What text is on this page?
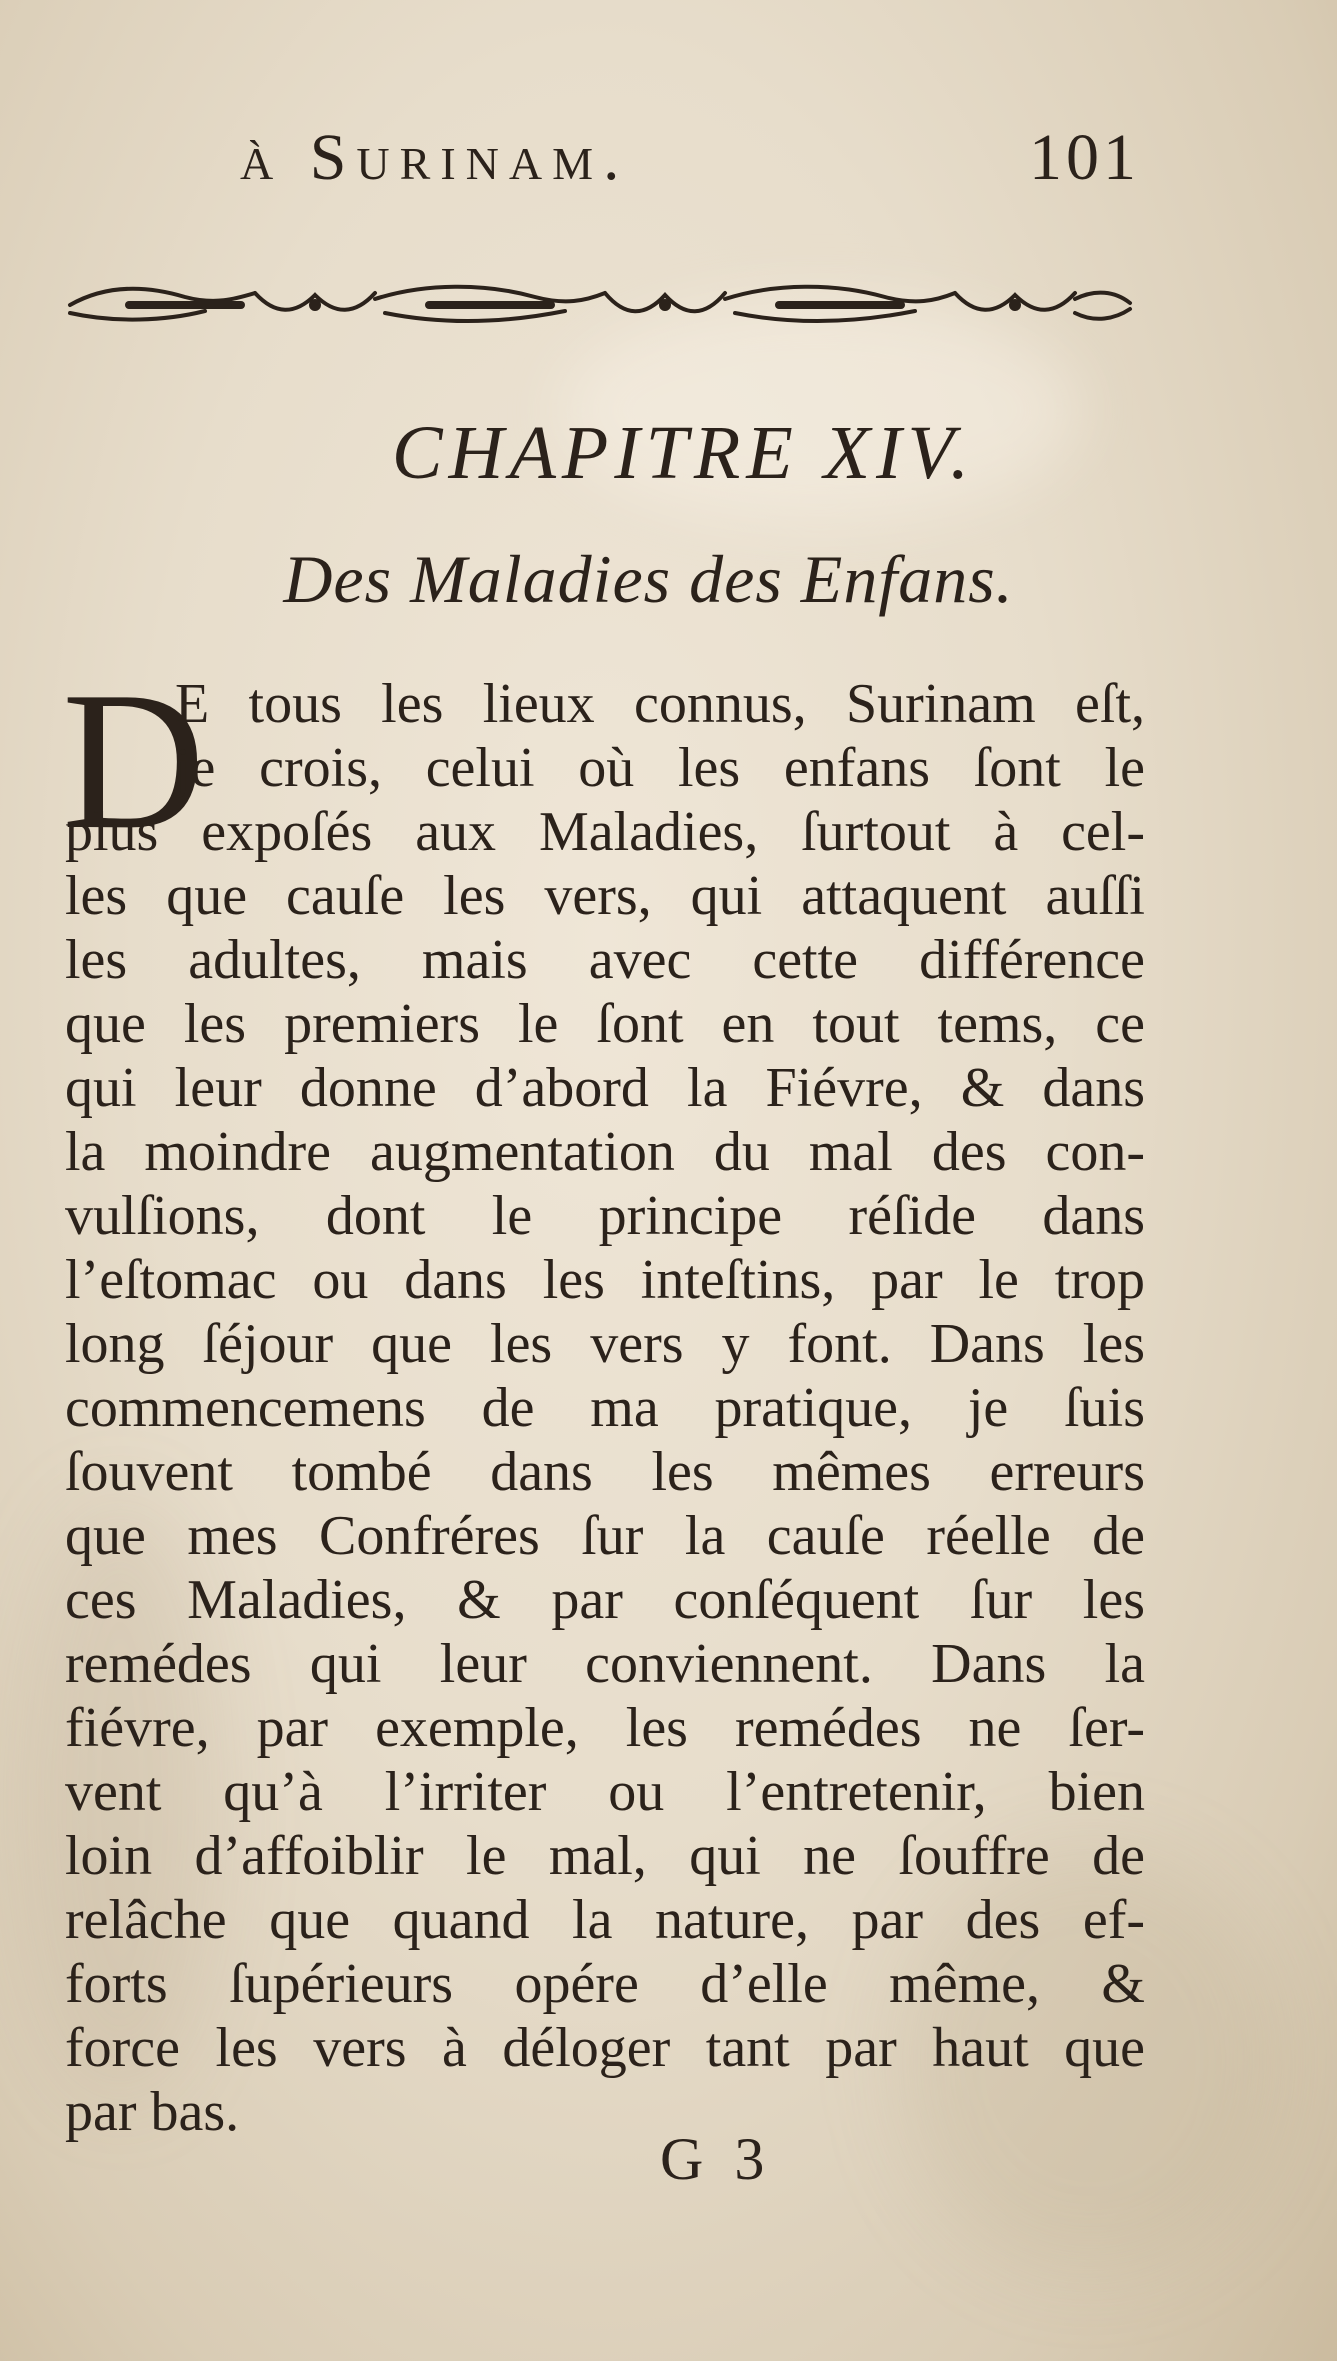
à Surinam.	101
CHAPITRE XIV.
Des Maladies des Enfans.
D
E tous les lieux connus, Surinam eſt,
je crois, celui où les enfans ſont le
plus expoſés aux Maladies, ſurtout à cel-
les que cauſe les vers, qui attaquent auſſi
les adultes, mais avec cette différence
que les premiers le ſont en tout tems, ce
qui leur donne d’abord la Fiévre, & dans
la moindre augmentation du mal des con-
vulſions, dont le principe réſide dans
l’eſtomac ou dans les inteſtins, par le trop
long ſéjour que les vers y font. Dans les
commencemens de ma pratique, je ſuis
ſouvent tombé dans les mêmes erreurs
que mes Confréres ſur la cauſe réelle de
ces Maladies, & par conſéquent ſur les
remédes qui leur conviennent. Dans la
fiévre, par exemple, les remédes ne ſer-
vent qu’à l’irriter ou l’entretenir, bien
loin d’affoiblir le mal, qui ne ſouffre de
relâche que quand la nature, par des ef-
forts ſupérieurs opére d’elle même, &
force les vers à déloger tant par haut que
par bas.
G 3
